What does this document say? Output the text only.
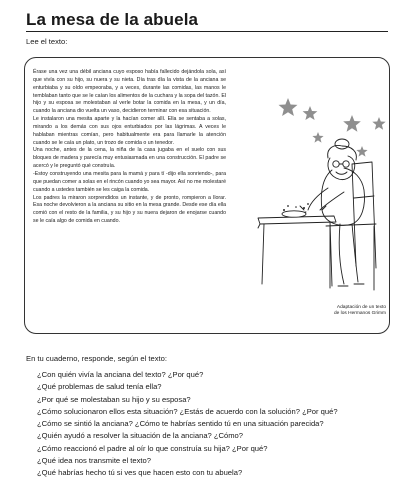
La mesa de la abuela
Lee el texto:

Érase una vez una débil anciana cuyo esposo había fallecido dejándola sola, así que vivía con su hijo, su nuera y su nieta. Día tras día la vista de la anciana se enturbiaba y su oído empeoraba, y a veces, durante las comidas, las manos le temblaban tanto que se le caían los alimentos de la cuchara y la sopa del tazón. El hijo y su esposa se molestaban al verle botar la comida en la mesa, y un día, cuando la anciana dio vuelta un vaso, decidieron terminar con esa situación.

Le instalaron una mesita aparte y la hacían comer allí. Ella se sentaba a solas, mirando a los demás con sus ojos enturbiados por las lágrimas. A veces le hablaban mientras comían, pero habitualmente era para llamarle la atención cuando se le caía un plato, un trozo de comida o un tenedor.

Una noche, antes de la cena, la niña de la casa jugaba en el suelo con sus bloques de madera y parecía muy entusiasmada en una construcción. El padre se acercó y le preguntó qué construía.

-Estoy construyendo una mesita para la mamá y para tí -dijo ella sonriendo-, para que puedan comer a solas en el rincón cuando yo sea mayor. Así no me molestaré cuando a ustedes también se les caiga la comida.

Los padres la miraron sorprendidos un instante, y de pronto, rompieron a llorar. Esa noche devolvieron a la anciana su sitio en la mesa grande. Desde ese día ella comió con el resto de la familia, y su hijo y su nuera dejaron de enojarse cuando se le caía algo de comida en cuando.

Adaptación de un texto
de los Hermanos Grimm
En tu cuaderno, responde, según el texto:
¿Con quién vivía la anciana del texto? ¿Por qué?
¿Qué problemas de salud tenía ella?
¿Por qué se molestaban su hijo y su esposa?
¿Cómo solucionaron ellos esta situación? ¿Estás de acuerdo con la solución? ¿Por qué?
¿Cómo se sintió la anciana? ¿Cómo te habrías sentido tú en una situación parecida?
¿Quién ayudó a resolver la situación de la anciana? ¿Cómo?
¿Cómo reaccionó el padre al oír lo que construía su hija? ¿Por qué?
¿Qué idea nos transmite el texto?
¿Qué habrías hecho tú si ves que hacen esto con tu abuela?
